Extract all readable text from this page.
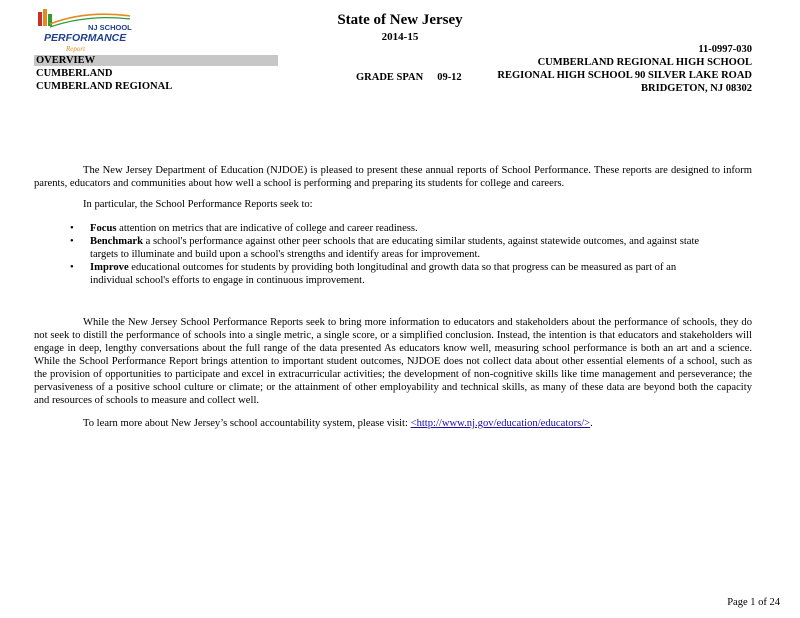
NJ SCHOOL
PERFORMANCE
Report
State of New Jersey
2014-15
OVERVIEW
CUMBERLAND
CUMBERLAND REGIONAL
GRADE SPAN 09-12
11-0997-030
CUMBERLAND REGIONAL HIGH SCHOOL
REGIONAL HIGH SCHOOL 90 SILVER LAKE ROAD
BRIDGETON, NJ 08302

The New Jersey Department of Education (NJDOE) is pleased to present these annual reports of School Performance. These reports are designed to inform parents, educators and communities about how well a school is performing and preparing its students for college and careers.

In particular, the School Performance Reports seek to:

• Focus attention on metrics that are indicative of college and career readiness.
• Benchmark a school's performance against other peer schools that are educating similar students, against statewide outcomes, and against state targets to illuminate and build upon a school's strengths and identify areas for improvement.
• Improve educational outcomes for students by providing both longitudinal and growth data so that progress can be measured as part of an individual school's efforts to engage in continuous improvement.

While the New Jersey School Performance Reports seek to bring more information to educators and stakeholders about the performance of schools, they do not seek to distill the performance of schools into a single metric, a single score, or a simplified conclusion. Instead, the intention is that educators and stakeholders will engage in deep, lengthy conversations about the full range of the data presented As educators know well, measuring school performance is both an art and a science. While the School Performance Report brings attention to important student outcomes, NJDOE does not collect data about other essential elements of a school, such as the provision of opportunities to participate and excel in extracurricular activities; the development of non-cognitive skills like time management and perseverance; the pervasiveness of a positive school culture or climate; or the attainment of other employability and technical skills, as many of these data are beyond both the capacity and resources of schools to measure and collect well.

To learn more about New Jersey’s school accountability system, please visit: <http://www.nj.gov/education/educators/>.

Page 1 of 24
